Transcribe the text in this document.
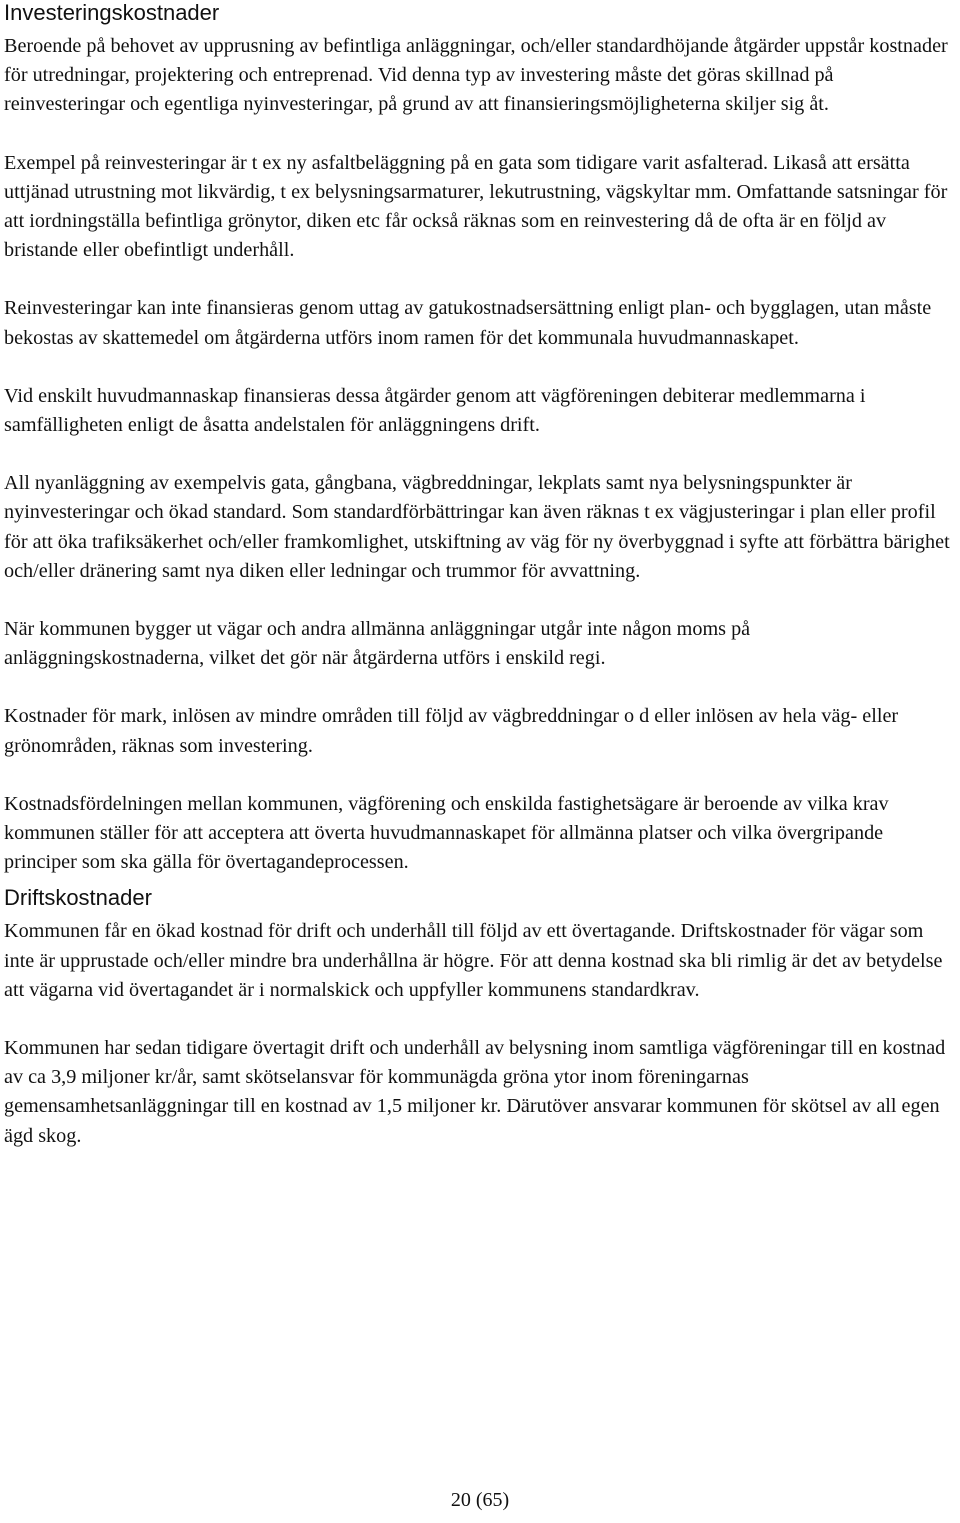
Investeringskostnader

Beroende på behovet av upprusning av befintliga anläggningar, och/eller standardhöjande åtgärder uppstår kostnader för utredningar, projektering och entreprenad. Vid denna typ av investering måste det göras skillnad på reinvesteringar och egentliga nyinvesteringar, på grund av att finansieringsmöjligheterna skiljer sig åt.

Exempel på reinvesteringar är t ex ny asfaltbeläggning på en gata som tidigare varit asfalterad. Likaså att ersätta uttjänad utrustning mot likvärdig, t ex belysningsarmaturer, lekutrustning, vägskyltar mm. Omfattande satsningar för att iordningställa befintliga grönytor, diken etc får också räknas som en reinvestering då de ofta är en följd av bristande eller obefintligt underhåll.

Reinvesteringar kan inte finansieras genom uttag av gatukostnadsersättning enligt plan- och bygglagen, utan måste bekostas av skattemedel om åtgärderna utförs inom ramen för det kommunala huvudmannaskapet.

Vid enskilt huvudmannaskap finansieras dessa åtgärder genom att vägföreningen debiterar medlemmarna i samfälligheten enligt de åsatta andelstalen för anläggningens drift.

All nyanläggning av exempelvis gata, gångbana, vägbreddningar, lekplats samt nya belysningspunkter är nyinvesteringar och ökad standard. Som standardförbättringar kan även räknas t ex vägjusteringar i plan eller profil för att öka trafiksäkerhet och/eller framkomlighet, utskiftning av väg för ny överbyggnad i syfte att förbättra bärighet och/eller dränering samt nya diken eller ledningar och trummor för avvattning.

När kommunen bygger ut vägar och andra allmänna anläggningar utgår inte någon moms på anläggningskostnaderna, vilket det gör när åtgärderna utförs i enskild regi.

Kostnader för mark, inlösen av mindre områden till följd av vägbreddningar o d eller inlösen av hela väg- eller grönområden, räknas som investering.

Kostnadsfördelningen mellan kommunen, vägförening och enskilda fastighetsägare är beroende av vilka krav kommunen ställer för att acceptera att överta huvudmannaskapet för allmänna platser och vilka övergripande principer som ska gälla för övertagandeprocessen.

Driftskostnader

Kommunen får en ökad kostnad för drift och underhåll till följd av ett övertagande. Driftskostnader för vägar som inte är upprustade och/eller mindre bra underhållna är högre. För att denna kostnad ska bli rimlig är det av betydelse att vägarna vid övertagandet är i normalskick och uppfyller kommunens standardkrav.

Kommunen har sedan tidigare övertagit drift och underhåll av belysning inom samtliga vägföreningar till en kostnad av ca 3,9 miljoner kr/år, samt skötselansvar för kommunägda gröna ytor inom föreningarnas gemensamhetsanläggningar till en kostnad av 1,5 miljoner kr. Därutöver ansvarar kommunen för skötsel av all egen ägd skog.

20 (65)
